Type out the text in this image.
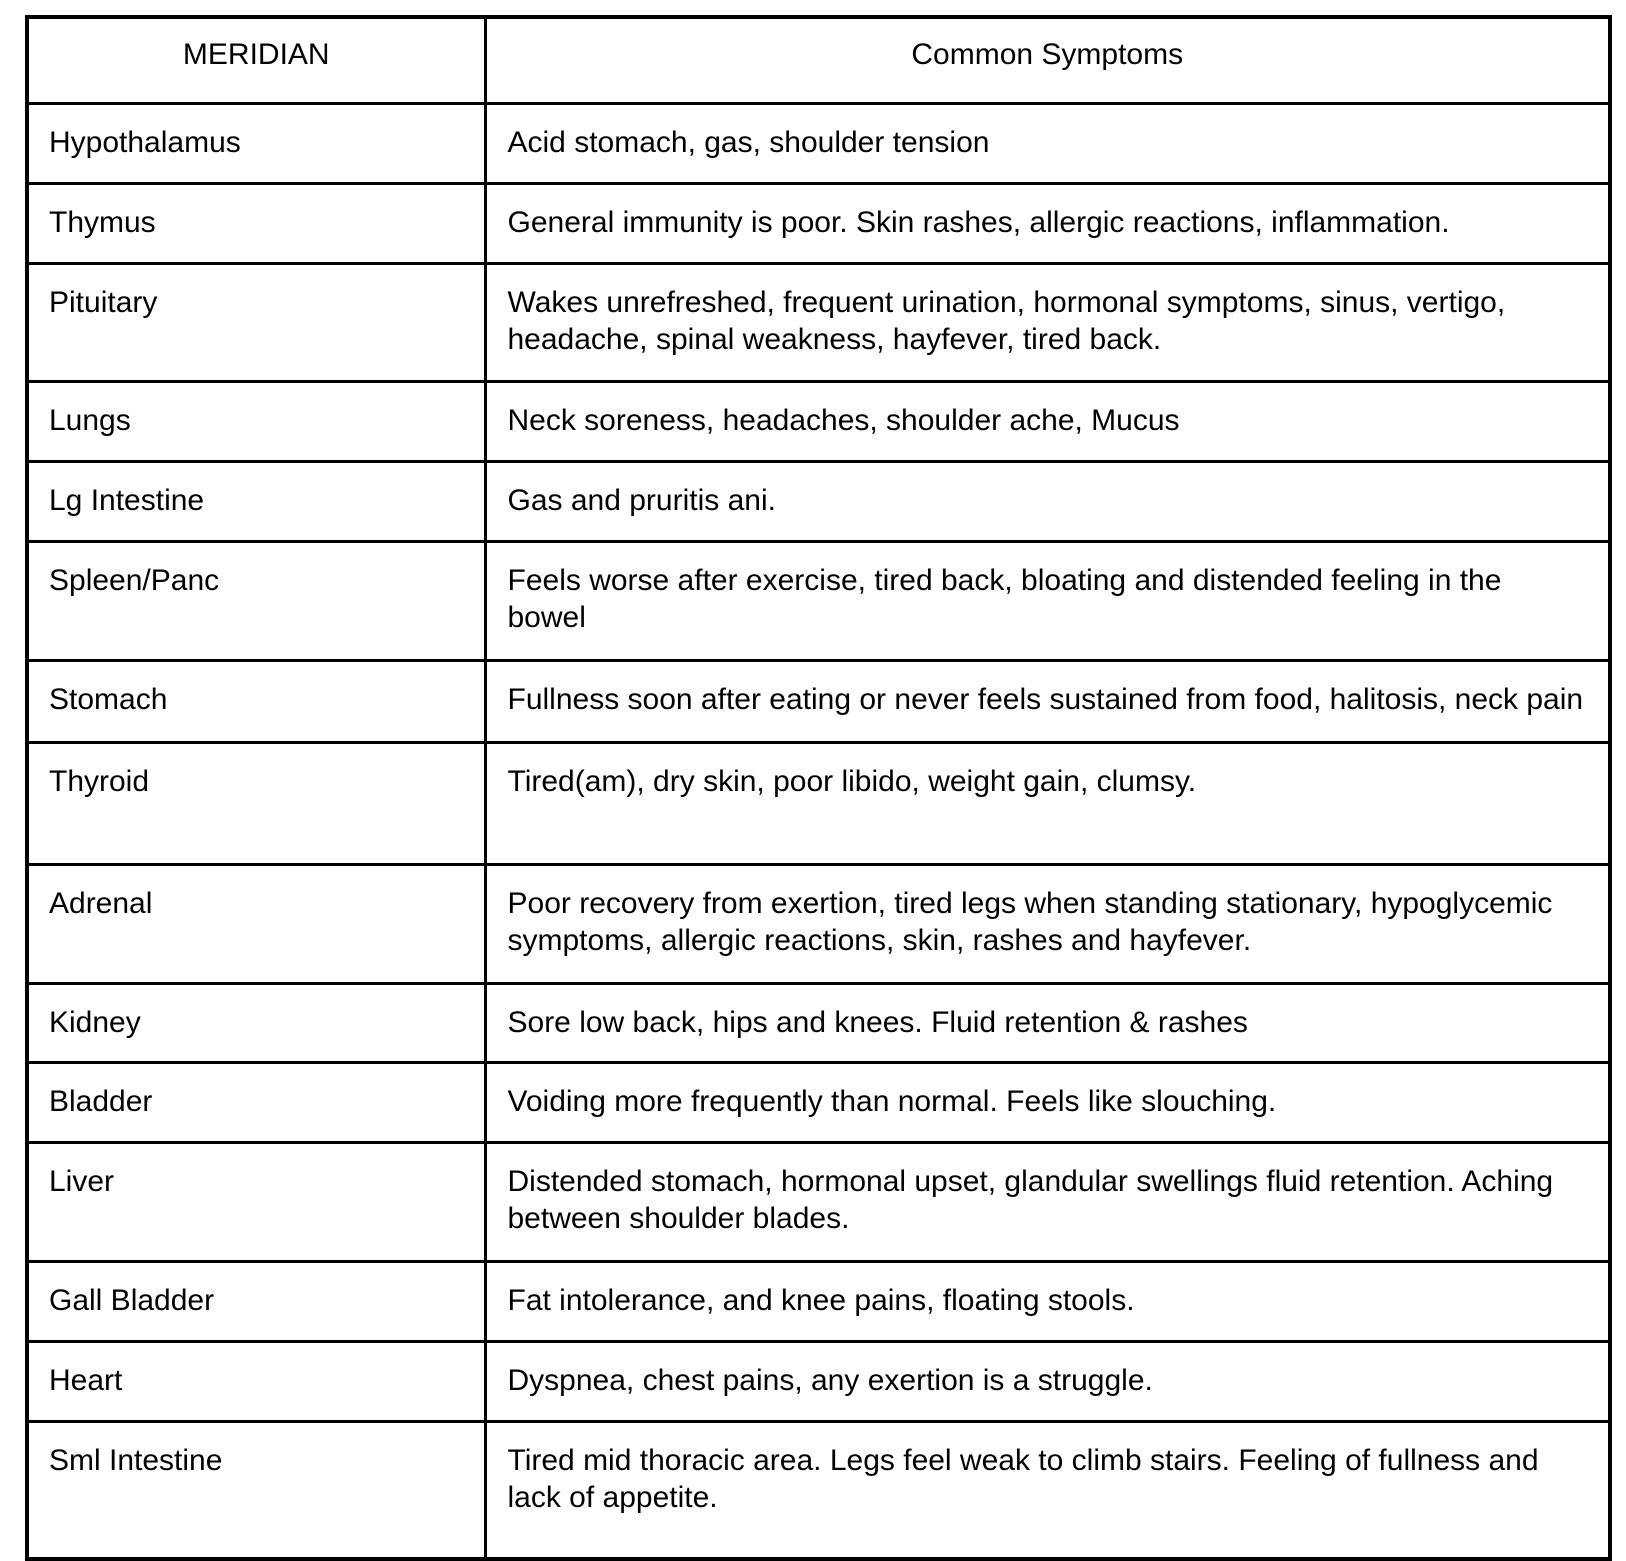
MERIDIAN	Common Symptoms
Hypothalamus	Acid stomach, gas, shoulder tension
Thymus	General immunity is poor. Skin rashes, allergic reactions, inflammation.
Pituitary	Wakes unrefreshed, frequent urination, hormonal symptoms, sinus, vertigo, headache, spinal weakness, hayfever, tired back.
Lungs	Neck soreness, headaches, shoulder ache, Mucus
Lg Intestine	Gas and pruritis ani.
Spleen/Panc	Feels worse after exercise, tired back, bloating and distended feeling in the bowel
Stomach	Fullness soon after eating or never feels sustained from food, halitosis, neck pain
Thyroid	Tired(am), dry skin, poor libido, weight gain, clumsy.
Adrenal	Poor recovery from exertion, tired legs when standing stationary, hypoglycemic symptoms, allergic reactions, skin, rashes and hayfever.
Kidney	Sore low back, hips and knees. Fluid retention & rashes
Bladder	Voiding more frequently than normal. Feels like slouching.
Liver	Distended stomach, hormonal upset, glandular swellings fluid retention. Aching between shoulder blades.
Gall Bladder	Fat intolerance, and knee pains, floating stools.
Heart	Dyspnea, chest pains, any exertion is a struggle.
Sml Intestine	Tired mid thoracic area. Legs feel weak to climb stairs. Feeling of fullness and lack of appetite.
